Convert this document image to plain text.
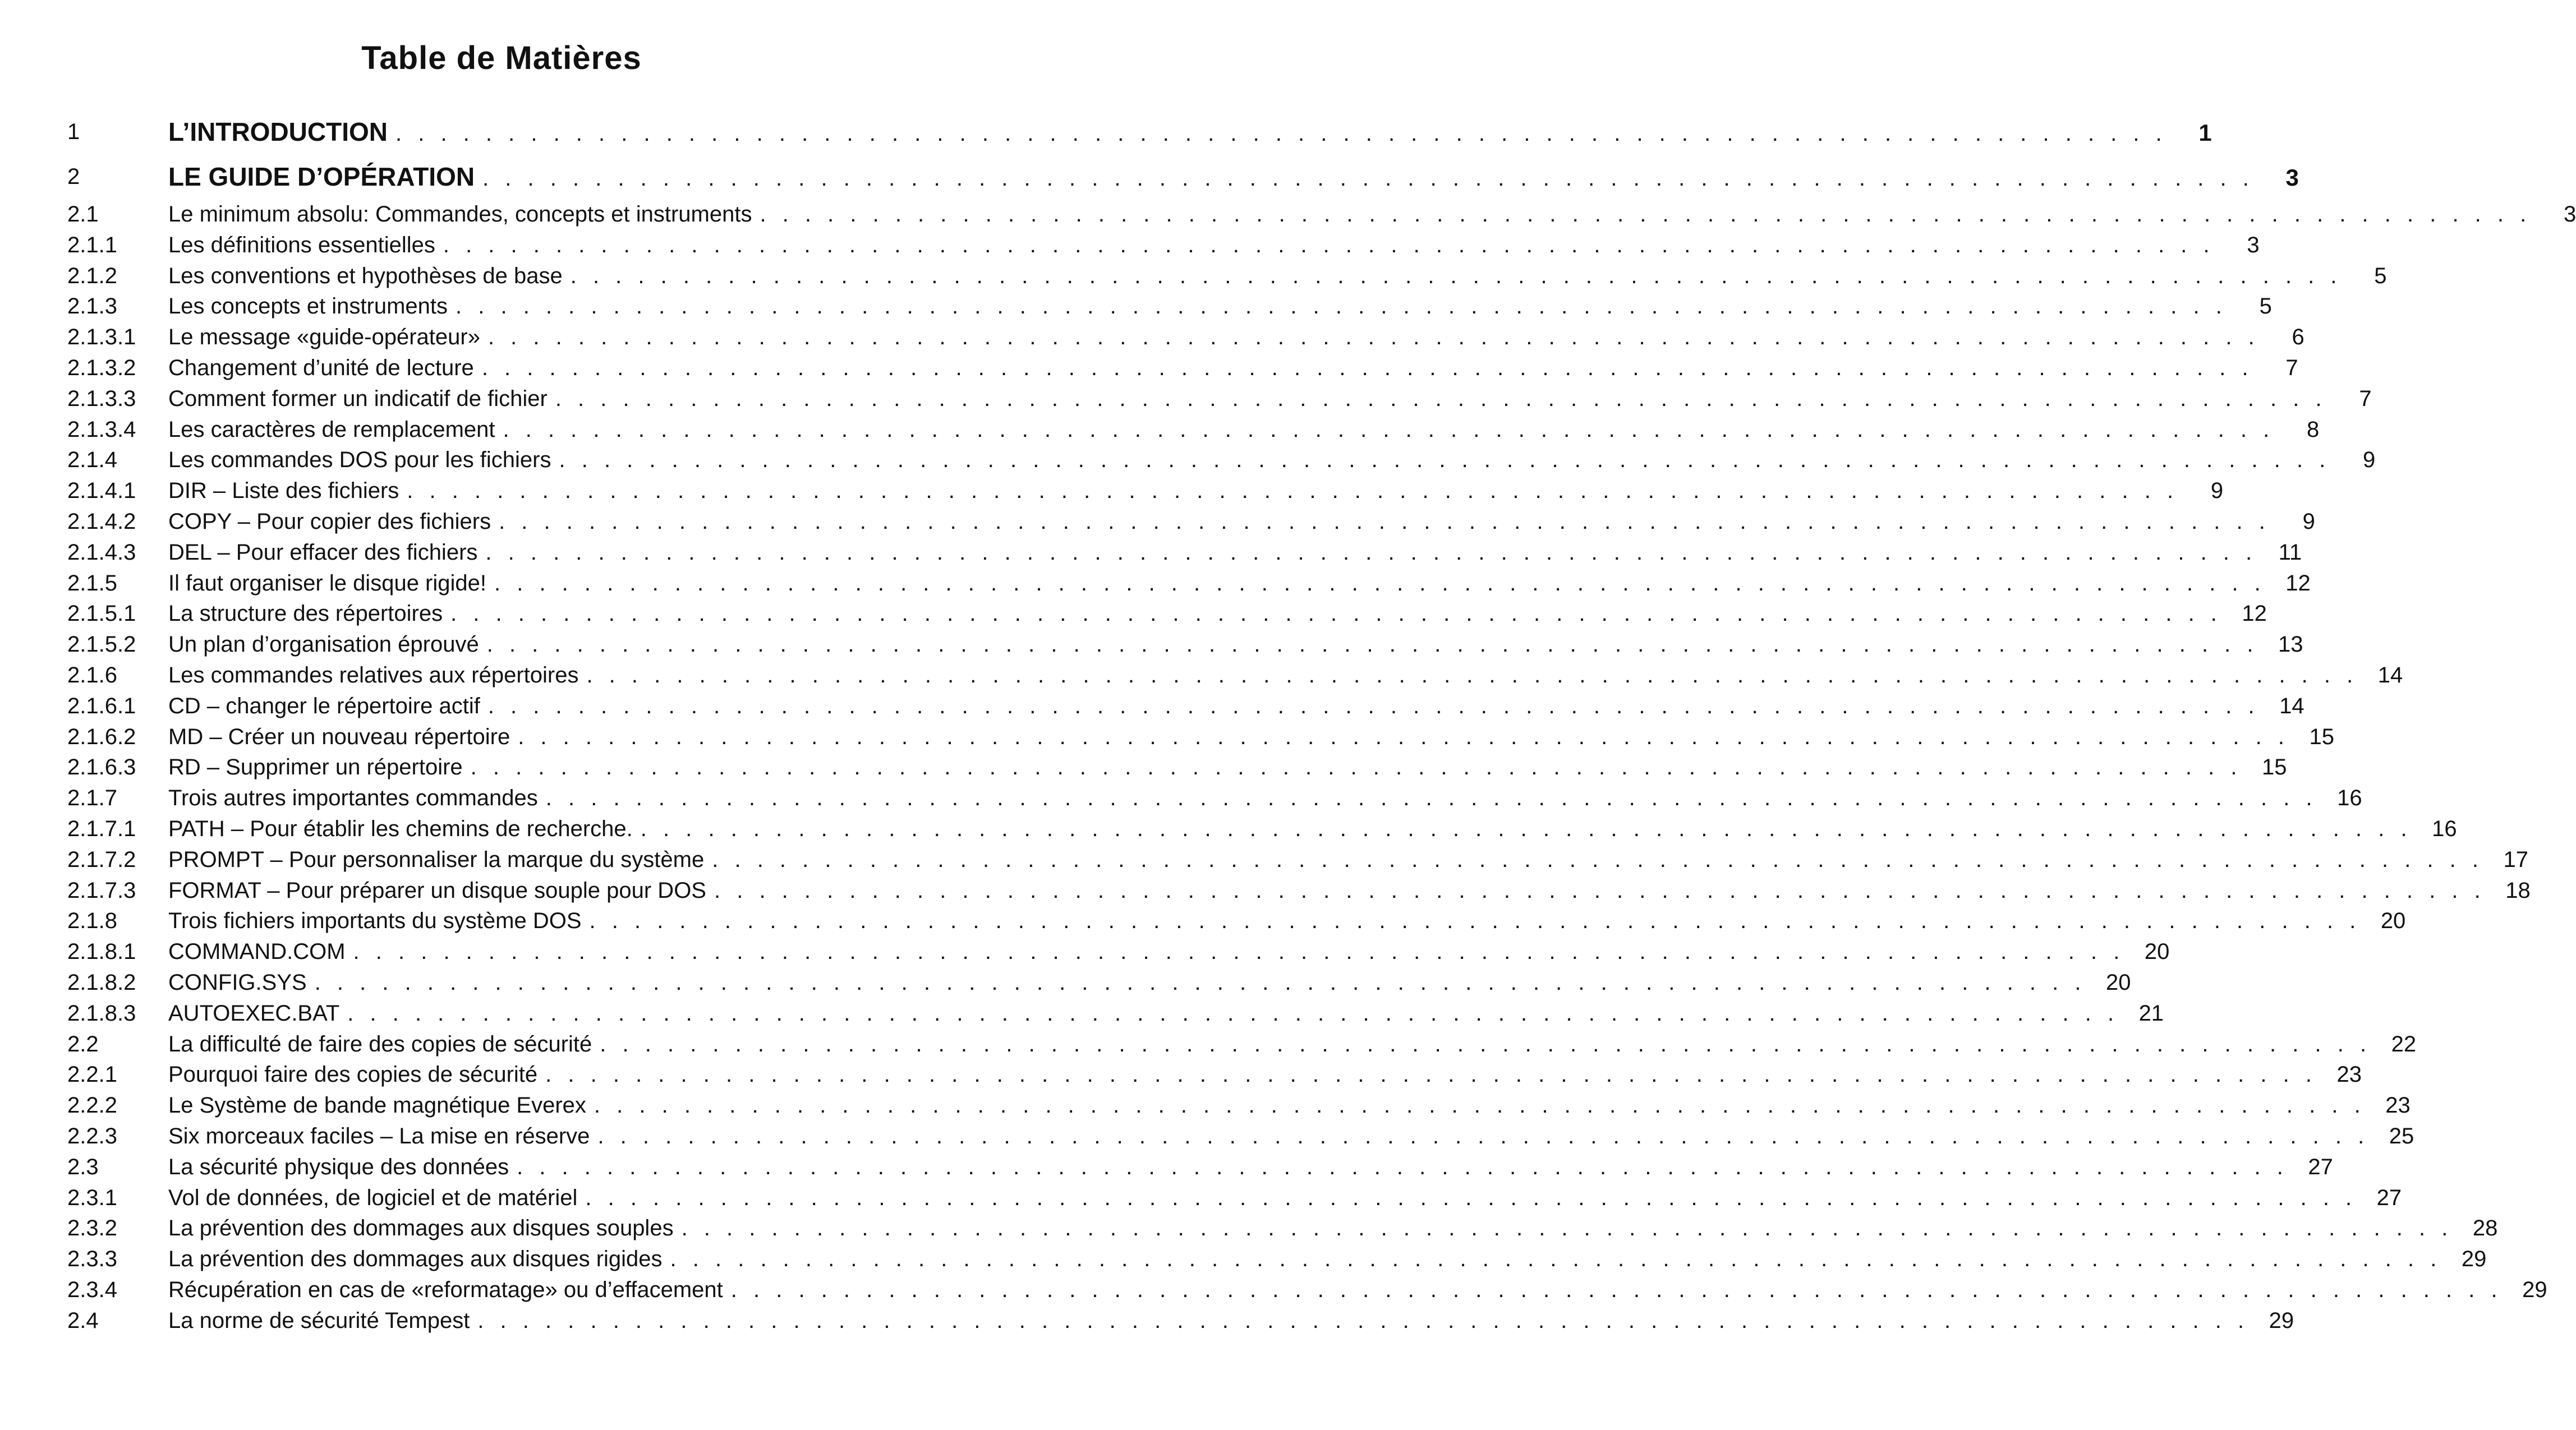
Table de Matières
1	L’INTRODUCTION . . . . . . . . . . . . . . . . . . . . . . . . . . . . . . . . . . . . . . . . . . . . . . . . . . . . . . . . . . . . . . . . . . . . . . . . . . . . . . .	1
2	LE GUIDE D’OPÉRATION . . . . . . . . . . . . . . . . . . . . . . . . . . . . . . . . . . . . . . . . . . . . . . . . . . . . . . . . . . . . . . . . . . . . . . . . . . . . . . .	3
2.1	Le minimum absolu: Commandes, concepts et instruments . . . . . . . . . . . . . . . . . . . . . . . . . . . . . . . . . . . . . . . . . . . . . . . . . . . . . . . . . . . . . . . . . . . . . . . . . . . . . . .	3
2.1.1 Les définitions essentielles . . . . . . . . . . . . . . . . . . . . . . . . . . . . . . . . . . . . . . . . . . . . . . . . . . . . . . . . . . . . . . . . . . . . . . . . . . . . . . .	3
2.1.2 Les conventions et hypothèses de base . . . . . . . . . . . . . . . . . . . . . . . . . . . . . . . . . . . . . . . . . . . . . . . . . . . . . . . . . . . . . . . . . . . . . . . . . . . . . . .	5
2.1.3 Les concepts et instruments . . . . . . . . . . . . . . . . . . . . . . . . . . . . . . . . . . . . . . . . . . . . . . . . . . . . . . . . . . . . . . . . . . . . . . . . . . . . . . .	5
2.1.3.1 Le message «guide-opérateur» . . . . . . . . . . . . . . . . . . . . . . . . . . . . . . . . . . . . . . . . . . . . . . . . . . . . . . . . . . . . . . . . . . . . . . . . . . . . . . .	6
2.1.3.2 Changement d’unité de lecture . . . . . . . . . . . . . . . . . . . . . . . . . . . . . . . . . . . . . . . . . . . . . . . . . . . . . . . . . . . . . . . . . . . . . . . . . . . . . . .	7
2.1.3.3 Comment former un indicatif de fichier . . . . . . . . . . . . . . . . . . . . . . . . . . . . . . . . . . . . . . . . . . . . . . . . . . . . . . . . . . . . . . . . . . . . . . . . . . . . . . .	7
2.1.3.4 Les caractères de remplacement . . . . . . . . . . . . . . . . . . . . . . . . . . . . . . . . . . . . . . . . . . . . . . . . . . . . . . . . . . . . . . . . . . . . . . . . . . . . . . .	8
2.1.4 Les commandes DOS pour les fichiers . . . . . . . . . . . . . . . . . . . . . . . . . . . . . . . . . . . . . . . . . . . . . . . . . . . . . . . . . . . . . . . . . . . . . . . . . . . . . . .	9
2.1.4.1 DIR – Liste des fichiers . . . . . . . . . . . . . . . . . . . . . . . . . . . . . . . . . . . . . . . . . . . . . . . . . . . . . . . . . . . . . . . . . . . . . . . . . . . . . . .	9
2.1.4.2 COPY – Pour copier des fichiers . . . . . . . . . . . . . . . . . . . . . . . . . . . . . . . . . . . . . . . . . . . . . . . . . . . . . . . . . . . . . . . . . . . . . . . . . . . . . . .	9
2.1.4.3 DEL – Pour effacer des fichiers . . . . . . . . . . . . . . . . . . . . . . . . . . . . . . . . . . . . . . . . . . . . . . . . . . . . . . . . . . . . . . . . . . . . . . . . . . . . . . . 11
2.1.5 Il faut organiser le disque rigide! . . . . . . . . . . . . . . . . . . . . . . . . . . . . . . . . . . . . . . . . . . . . . . . . . . . . . . . . . . . . . . . . . . . . . . . . . . . . . . . 12
2.1.5.1 La structure des répertoires . . . . . . . . . . . . . . . . . . . . . . . . . . . . . . . . . . . . . . . . . . . . . . . . . . . . . . . . . . . . . . . . . . . . . . . . . . . . . . . 12
2.1.5.2 Un plan d’organisation éprouvé . . . . . . . . . . . . . . . . . . . . . . . . . . . . . . . . . . . . . . . . . . . . . . . . . . . . . . . . . . . . . . . . . . . . . . . . . . . . . . . 13
2.1.6 Les commandes relatives aux répertoires . . . . . . . . . . . . . . . . . . . . . . . . . . . . . . . . . . . . . . . . . . . . . . . . . . . . . . . . . . . . . . . . . . . . . . . . . . . . . . . 14
2.1.6.1 CD – changer le répertoire actif . . . . . . . . . . . . . . . . . . . . . . . . . . . . . . . . . . . . . . . . . . . . . . . . . . . . . . . . . . . . . . . . . . . . . . . . . . . . . . . 14
2.1.6.2 MD – Créer un nouveau répertoire . . . . . . . . . . . . . . . . . . . . . . . . . . . . . . . . . . . . . . . . . . . . . . . . . . . . . . . . . . . . . . . . . . . . . . . . . . . . . . . 15
2.1.6.3 RD – Supprimer un répertoire . . . . . . . . . . . . . . . . . . . . . . . . . . . . . . . . . . . . . . . . . . . . . . . . . . . . . . . . . . . . . . . . . . . . . . . . . . . . . . . 15
2.1.7 Trois autres importantes commandes . . . . . . . . . . . . . . . . . . . . . . . . . . . . . . . . . . . . . . . . . . . . . . . . . . . . . . . . . . . . . . . . . . . . . . . . . . . . . . . 16
2.1.7.1 PATH – Pour établir les chemins de recherche. . . . . . . . . . . . . . . . . . . . . . . . . . . . . . . . . . . . . . . . . . . . . . . . . . . . . . . . . . . . . . . . . . . . . . . . . . . . . . . . 16
2.1.7.2 PROMPT – Pour personnaliser la marque du système . . . . . . . . . . . . . . . . . . . . . . . . . . . . . . . . . . . . . . . . . . . . . . . . . . . . . . . . . . . . . . . . . . . . . . . . . . . . . . . 17
2.1.7.3 FORMAT – Pour préparer un disque souple pour DOS . . . . . . . . . . . . . . . . . . . . . . . . . . . . . . . . . . . . . . . . . . . . . . . . . . . . . . . . . . . . . . . . . . . . . . . . . . . . . . . 18
2.1.8 Trois fichiers importants du système DOS . . . . . . . . . . . . . . . . . . . . . . . . . . . . . . . . . . . . . . . . . . . . . . . . . . . . . . . . . . . . . . . . . . . . . . . . . . . . . . . 20
2.1.8.1 COMMAND.COM . . . . . . . . . . . . . . . . . . . . . . . . . . . . . . . . . . . . . . . . . . . . . . . . . . . . . . . . . . . . . . . . . . . . . . . . . . . . . . . 20
2.1.8.2 CONFIG.SYS . . . . . . . . . . . . . . . . . . . . . . . . . . . . . . . . . . . . . . . . . . . . . . . . . . . . . . . . . . . . . . . . . . . . . . . . . . . . . . . 20
2.1.8.3 AUTOEXEC.BAT . . . . . . . . . . . . . . . . . . . . . . . . . . . . . . . . . . . . . . . . . . . . . . . . . . . . . . . . . . . . . . . . . . . . . . . . . . . . . . . 21
2.2	La difficulté de faire des copies de sécurité . . . . . . . . . . . . . . . . . . . . . . . . . . . . . . . . . . . . . . . . . . . . . . . . . . . . . . . . . . . . . . . . . . . . . . . . . . . . . . . 22
2.2.1 Pourquoi faire des copies de sécurité . . . . . . . . . . . . . . . . . . . . . . . . . . . . . . . . . . . . . . . . . . . . . . . . . . . . . . . . . . . . . . . . . . . . . . . . . . . . . . . 23
2.2.2 Le Système de bande magnétique Everex . . . . . . . . . . . . . . . . . . . . . . . . . . . . . . . . . . . . . . . . . . . . . . . . . . . . . . . . . . . . . . . . . . . . . . . . . . . . . . . 23
2.2.3 Six morceaux faciles – La mise en réserve . . . . . . . . . . . . . . . . . . . . . . . . . . . . . . . . . . . . . . . . . . . . . . . . . . . . . . . . . . . . . . . . . . . . . . . . . . . . . . . 25
2.3	La sécurité physique des données . . . . . . . . . . . . . . . . . . . . . . . . . . . . . . . . . . . . . . . . . . . . . . . . . . . . . . . . . . . . . . . . . . . . . . . . . . . . . . . 27
2.3.1 Vol de données, de logiciel et de matériel . . . . . . . . . . . . . . . . . . . . . . . . . . . . . . . . . . . . . . . . . . . . . . . . . . . . . . . . . . . . . . . . . . . . . . . . . . . . . . . 27
2.3.2 La prévention des dommages aux disques souples . . . . . . . . . . . . . . . . . . . . . . . . . . . . . . . . . . . . . . . . . . . . . . . . . . . . . . . . . . . . . . . . . . . . . . . . . . . . . . . 28
2.3.3 La prévention des dommages aux disques rigides . . . . . . . . . . . . . . . . . . . . . . . . . . . . . . . . . . . . . . . . . . . . . . . . . . . . . . . . . . . . . . . . . . . . . . . . . . . . . . . 29
2.3.4 Récupération en cas de «reformatage» ou d’effacement . . . . . . . . . . . . . . . . . . . . . . . . . . . . . . . . . . . . . . . . . . . . . . . . . . . . . . . . . . . . . . . . . . . . . . . . . . . . . . . 29
2.4	La norme de sécurité Tempest . . . . . . . . . . . . . . . . . . . . . . . . . . . . . . . . . . . . . . . . . . . . . . . . . . . . . . . . . . . . . . . . . . . . . . . . . . . . . . . 29
